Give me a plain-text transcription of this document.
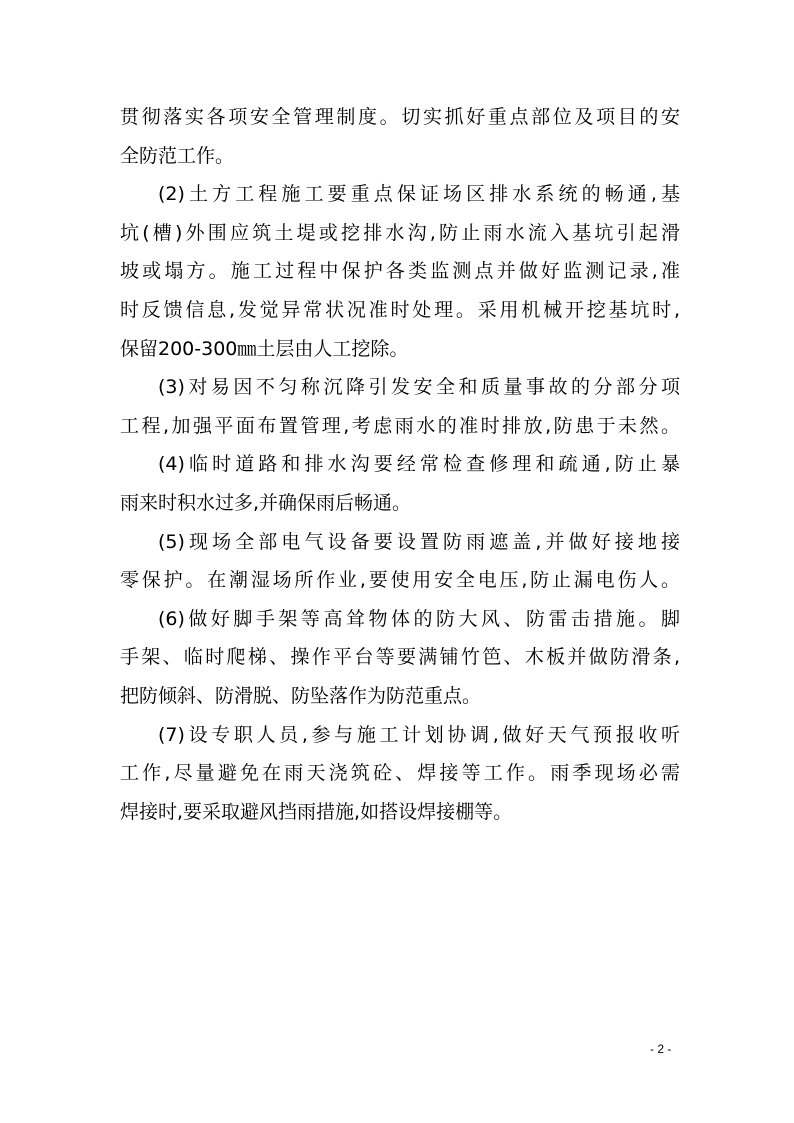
贯彻落实各项安全管理制度。切实抓好重点部位及项目的安
全防范工作。
(2)土方工程施工要重点保证场区排水系统的畅通,基
坑(槽)外围应筑土堤或挖排水沟,防止雨水流入基坑引起滑
坡或塌方。施工过程中保护各类监测点并做好监测记录,准
时反馈信息,发觉异常状况准时处理。采用机械开挖基坑时,
保留200-300㎜土层由人工挖除。
(3)对易因不匀称沉降引发安全和质量事故的分部分项
工程,加强平面布置管理,考虑雨水的准时排放,防患于未然。
(4)临时道路和排水沟要经常检查修理和疏通,防止暴
雨来时积水过多,并确保雨后畅通。
(5)现场全部电气设备要设置防雨遮盖,并做好接地接
零保护。在潮湿场所作业,要使用安全电压,防止漏电伤人。
(6)做好脚手架等高耸物体的防大风、防雷击措施。脚
手架、临时爬梯、操作平台等要满铺竹笆、木板并做防滑条,
把防倾斜、防滑脱、防坠落作为防范重点。
(7)设专职人员,参与施工计划协调,做好天气预报收听
工作,尽量避免在雨天浇筑砼、焊接等工作。雨季现场必需
焊接时,要采取避风挡雨措施,如搭设焊接棚等。
- 2 -
